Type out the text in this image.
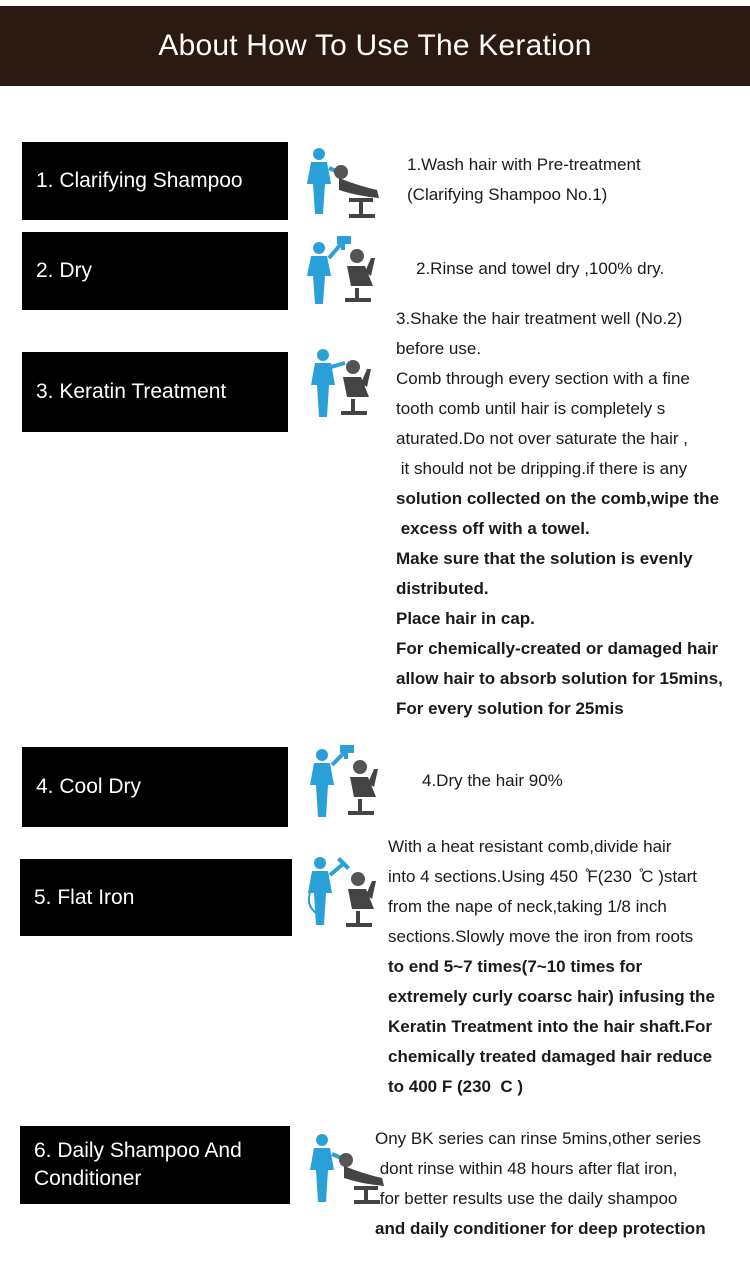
About How To Use The Keration
1. Clarifying Shampoo
1.Wash hair with Pre-treatment
(Clarifying Shampoo No.1)
2. Dry	2.Rinse and towel dry ,100% dry.
3. Keratin Treatment
3.Shake the hair treatment well (No.2)
before use.
Comb through every section with a fine
tooth comb until hair is completely s
aturated.Do not over saturate the hair ,
it should not be dripping.if there is any
solution collected on the comb,wipe the
excess off with a towel.
Make sure that the solution is evenly
distributed.
Place hair in cap.
For chemically-created or damaged hair
allow hair to absorb solution for 15mins,
For every solution for 25mis
4. Cool Dry	4.Dry the hair 90%
5. Flat Iron
With a heat resistant comb,divide hair
into 4 sections.Using 450  ̊F(230  ̊C )start
from the nape of neck,taking 1/8 inch
sections.Slowly move the iron from roots
to end 5~7 times(7~10 times for
extremely curly coarsc hair) infusing the
Keratin Treatment into the hair shaft.For
chemically treated damaged hair reduce
to 400 F (230  C )
6. Daily Shampoo And
Conditioner
Ony BK series can rinse 5mins,other series
dont rinse within 48 hours after flat iron,
for better results use the daily shampoo
and daily conditioner for deep protection
